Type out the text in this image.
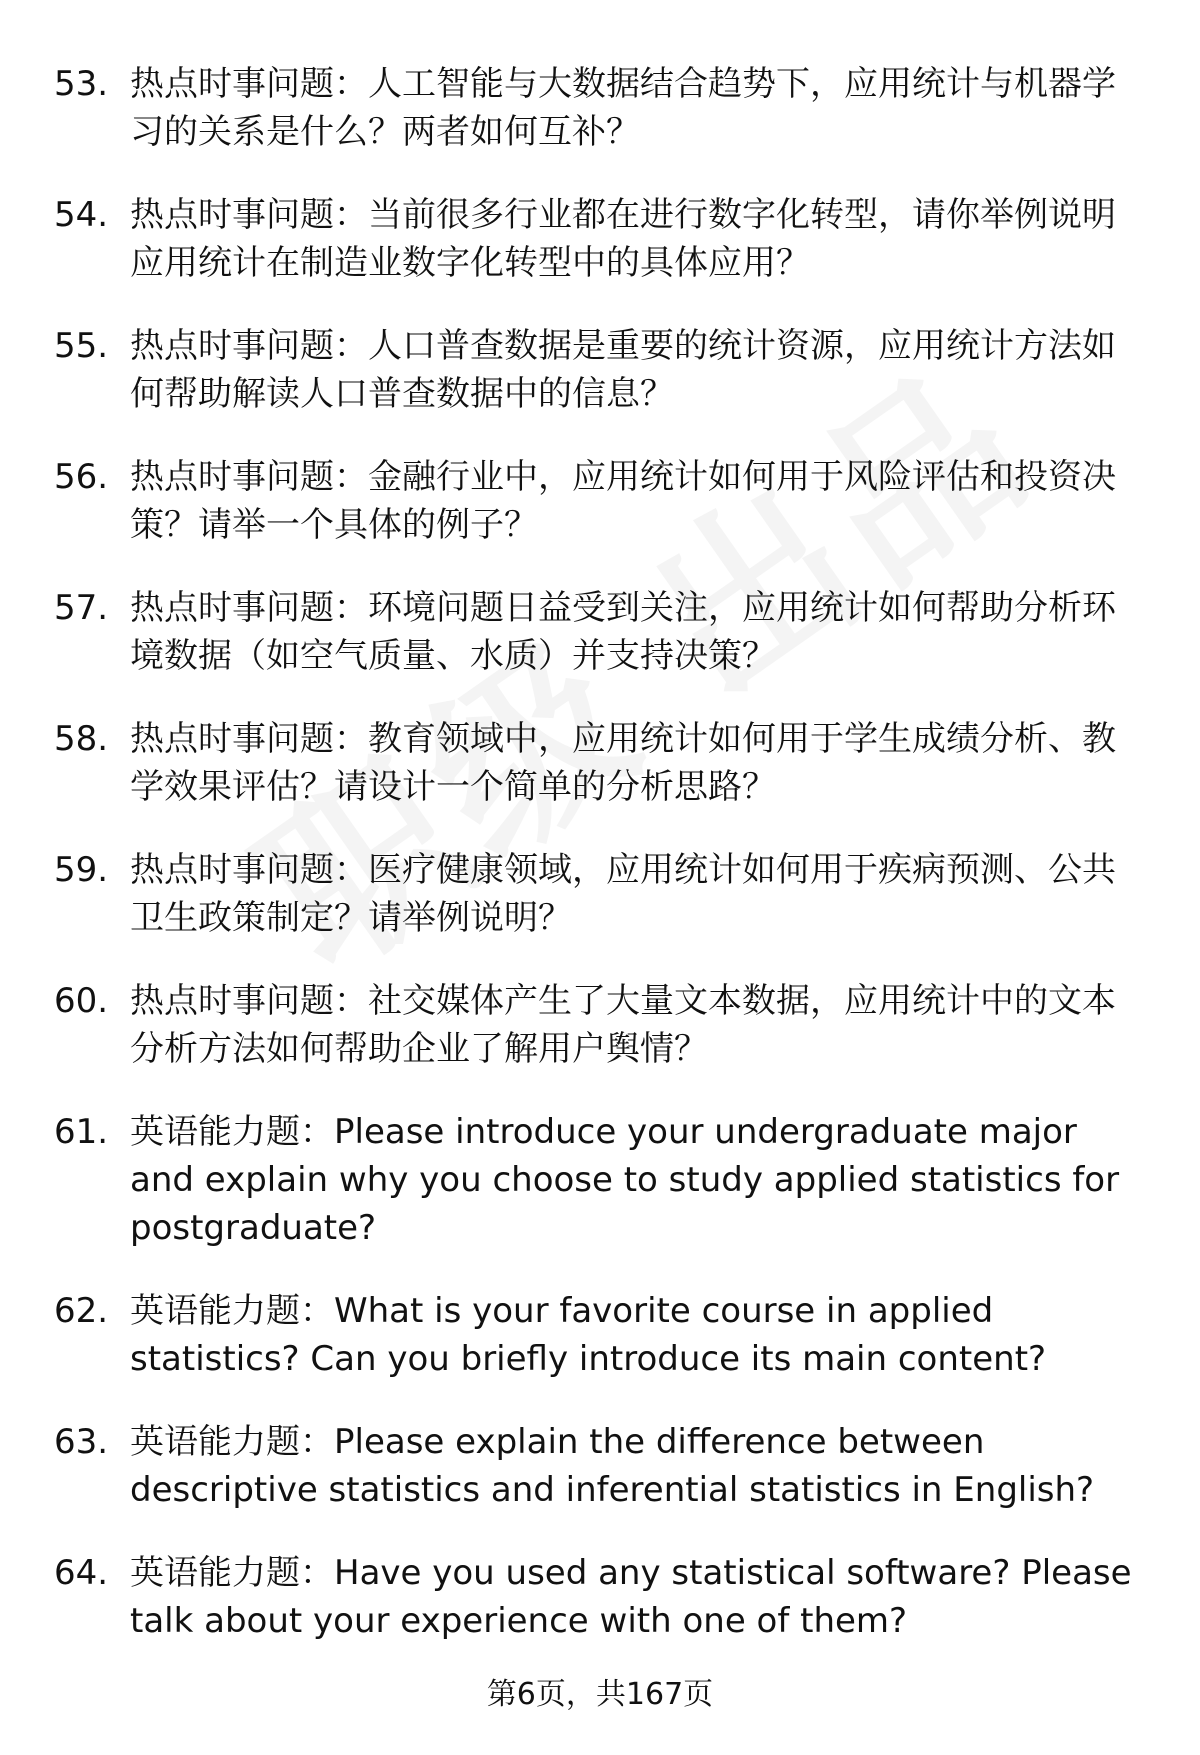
53. 热点时事问题：人工智能与大数据结合趋势下，应用统计与机器学习的关系是什么？两者如何互补？
54. 热点时事问题：当前很多行业都在进行数字化转型，请你举例说明应用统计在制造业数字化转型中的具体应用？
55. 热点时事问题：人口普查数据是重要的统计资源，应用统计方法如何帮助解读人口普查数据中的信息？
56. 热点时事问题：金融行业中，应用统计如何用于风险评估和投资决策？请举一个具体的例子？
57. 热点时事问题：环境问题日益受到关注，应用统计如何帮助分析环境数据（如空气质量、水质）并支持决策？
58. 热点时事问题：教育领域中，应用统计如何用于学生成绩分析、教学效果评估？请设计一个简单的分析思路？
59. 热点时事问题：医疗健康领域，应用统计如何用于疾病预测、公共卫生政策制定？请举例说明？
60. 热点时事问题：社交媒体产生了大量文本数据，应用统计中的文本分析方法如何帮助企业了解用户舆情？
61. 英语能力题：Please introduce your undergraduate major and explain why you choose to study applied statistics for postgraduate?
62. 英语能力题：What is your favorite course in applied statistics? Can you briefly introduce its main content?
63. 英语能力题：Please explain the difference between descriptive statistics and inferential statistics in English?
64. 英语能力题：Have you used any statistical software? Please talk about your experience with one of them?
第6页，共167页
